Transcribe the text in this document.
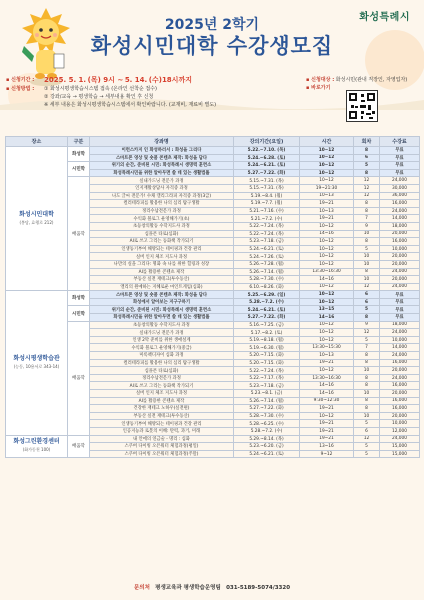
화성특례시
2025년 2학기
화성시민대학 수강생모집
▪ 신청기간 :	2025. 5. 1. (목) 9시 ~ 5. 14. (수)18시까지
▪ 신청방법 :	① 화성시평생학습시스템 접속 (온라인 선착순 접수)
② 강좌/교육 → 평생학습 → 세부내용 확인 후 신청
※ 세부 내용은 화성시평생학습시스템에서 확인바랍니다. (교재비, 재료비 별도)
▪ 신청대상 : 화성시민(관내 직장인, 자영업자)
▪ 바로가기
장소	구분	강좌명	강의기간(요일)	시간	회차	수강료

화성시민대학
(봉담, 효행로 212)	화성학	이런스카지 인 화성하러서 : 화성을 그리다	5.22.~7.10. (목)	10~12	8	무료
		스마트폰 영상 및 숏폼 콘텐츠 제작: 화성을 담다	5.24.~6.28. (토)	10~12	6	무료
	시민학	위기의 순간, 준비된 시민: 화성특례시 생명력 훈련소	5.24.~6.21. (토)	10~12	5	무료
		화성특례시민을 위한 알아두면 쓸 데 있는 생활법률	5.27.~7.22. (화)	10~12	8	무료
	배움학	실내가드닝 전문가 과정	5.15.~7.31. (목)	10~12	12	24,000
		인지재활상담사 자격증 과정	5.15.~7.31. (목)	19~21:30	12	30,000
		나도 글씨 전문가! 수채 캘리그라피 자격증 과정(3급)	5.19.~8.4. (월)	10~13	12	36,000
		컬러테라피를 활용한 나의 심리 탐구생활	5.19.~7.7. (월)	19~21	8	16,000
		정리수납전문가 과정	5.21.~7.16. (수)	10~13	8	24,000
		수익화 블로그 운영해가기(초)	5.21.~7.2. (수)	19~21	7	14,000
		초등창의활동 수학지도사 과정	5.22.~7.24. (목)	10~12	9	18,000
		심플폰 타로(심화)	5.22.~7.24. (목)	14~16	10	20,000
		AI로 쓰고 그리는 동화책 작가되기	5.23.~7.18. (금)	10~12	8	16,000
		인생동기부여 해방되는 테이핑과 건강 관리	5.24.~6.21. (토)	10~12	5	10,000
		실버 인지 체조 지도사 과정	5.24.~7.26. (토)	10~12	10	20,000
		나만의 실을 그리다: 명화 속 나를 위한 힐링과 성장	5.26.~7.28. (월)	10~12	10	20,000
		AI를 활용한 콘텐츠 제작	5.26.~7.14. (월)	13:30~16:30	8	24,000
		부동산 실전 재테크(투수동산)	5.28.~7.30. (수)	14~16	10	20,000
		앨리의 원예하는 지혜로운 마인트게임(심화)	6.10.~8.26. (화)	10~12	12	24,000

화성시평생학습관
(능동, 10용서로 343-14)	화성학	스마트폰 영상 및 숏폼 콘텐츠 제작: 화성을 담다	5.25.~6.29. (일)	10~12	6	무료
		화성에서 알아보는 지구구하기	5.28.~7.2. (수)	10~12	6	무료
	시민학	위기의 순간, 준비된 시민: 화성특례시 생명력 훈련소	5.24.~6.21. (토)	13~15	5	무료
		화성특례시민을 위한 알아두면 쓸 데 있는 생활법률	5.27.~7.22. (화)	14~16	8	무료
	배움학	초등창의활동 수학지도사 과정	5.16.~7.25. (금)	10~12	9	18,000
		실내가드닝 전문가 과정	5.17.~8.2. (토)	10~12	12	24,000
		인생 2막 준비를 위한 생애설계	5.19.~8.18. (월)	10~12	5	10,000
		수익화 블로그 운영해가기(중급)	5.19.~6.30. (월)	13:30~15:30	7	14,000
		미록책디자이 심화 과정	5.20.~7.15. (화)	10~13	8	24,000
		컬러테라피를 활용한 나의 심리 탐구생활	5.20.~7.15. (화)	19~21	8	16,000
		심플폰 타로(심화)	5.22.~7.24. (목)	10~12	10	20,000
		정리수납전문가 과정	5.22.~7.17. (목)	13:30~16:30	8	24,000
		AI로 쓰고 그리는 동화책 작가되기	5.23.~7.18. (금)	14~16	8	16,000
		실버 인지 체조 지도사 과정	5.23.~8.1. (금)	14~16	10	20,000
		AI를 활용한 콘텐츠 제작	5.26.~7.14. (월)	9:30~12:30	8	16,000
		건강한 재테크 노하우(실전편)	5.27.~7.22. (화)	19~21	8	16,000
		부동산 실전 재테크(투수동산)	5.28.~7.30. (수)	10~12	10	20,000
		인생동기부여 해방되는 테이핑과 건강 관리	5.28.~6.25. (수)	19~21	5	10,000
		인공지능과 로봇의 이해: 탄력, 과거, 미래	5.28.~7.2. (수)	19~21	6	12,000

화성그린환경센터
(화가동천 100)	배움학	내 안에의 연금술 - 명리 : 심화	5.29.~8.14. (목)	19~21	12	24,000
		스쿠버 다이빙 오픈워터 체험과정(평일)	5.23.~6.20. (금)	13~16	5	15,000
		스쿠버 다이빙 오픈워터 체험과정(주말)	5.24.~6.21. (토)	9~12	5	15,000
문의처 평생교육과 평생학습운영팀 031-5189-5074/3320
